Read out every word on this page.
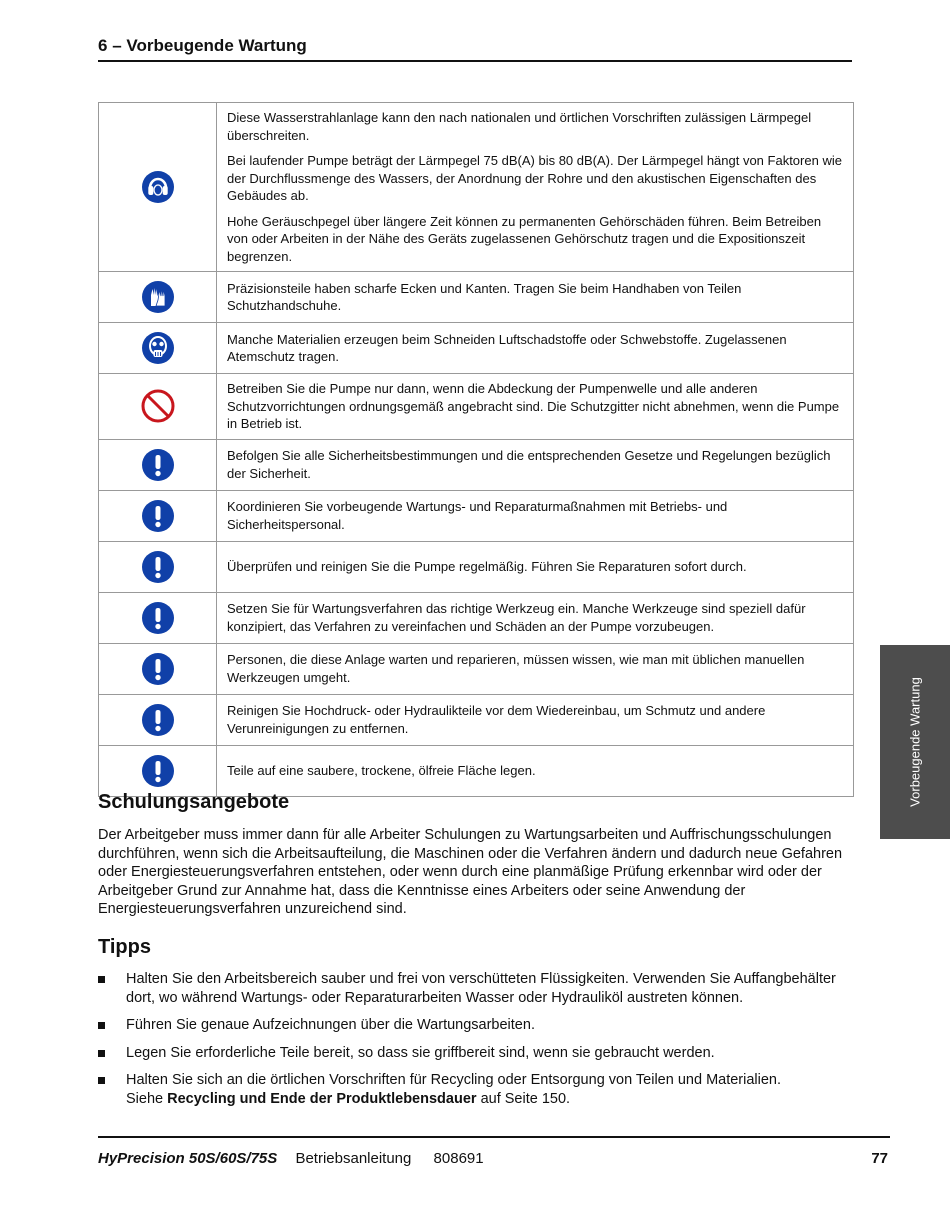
6 – Vorbeugende Wartung

Diese Wasserstrahlanlage kann den nach nationalen und örtlichen Vorschriften zulässigen Lärmpegel überschreiten.

Bei laufender Pumpe beträgt der Lärmpegel 75 dB(A) bis 80 dB(A). Der Lärmpegel hängt von Faktoren wie der Durchflussmenge des Wassers, der Anordnung der Rohre und den akustischen Eigenschaften des Gebäudes ab.

Hohe Geräuschpegel über längere Zeit können zu permanenten Gehörschäden führen. Beim Betreiben von oder Arbeiten in der Nähe des Geräts zugelassenen Gehörschutz tragen und die Expositionszeit begrenzen.

Präzisionsteile haben scharfe Ecken und Kanten. Tragen Sie beim Handhaben von Teilen Schutzhandschuhe.

Manche Materialien erzeugen beim Schneiden Luftschadstoffe oder Schwebstoffe. Zugelassenen Atemschutz tragen.

Betreiben Sie die Pumpe nur dann, wenn die Abdeckung der Pumpenwelle und alle anderen Schutzvorrichtungen ordnungsgemäß angebracht sind. Die Schutzgitter nicht abnehmen, wenn die Pumpe in Betrieb ist.

Befolgen Sie alle Sicherheitsbestimmungen und die entsprechenden Gesetze und Regelungen bezüglich der Sicherheit.

Koordinieren Sie vorbeugende Wartungs- und Reparaturmaßnahmen mit Betriebs- und Sicherheitspersonal.

Überprüfen und reinigen Sie die Pumpe regelmäßig. Führen Sie Reparaturen sofort durch.

Setzen Sie für Wartungsverfahren das richtige Werkzeug ein. Manche Werkzeuge sind speziell dafür konzipiert, das Verfahren zu vereinfachen und Schäden an der Pumpe vorzubeugen.

Personen, die diese Anlage warten und reparieren, müssen wissen, wie man mit üblichen manuellen Werkzeugen umgeht.

Reinigen Sie Hochdruck- oder Hydraulikteile vor dem Wiedereinbau, um Schmutz und andere Verunreinigungen zu entfernen.

Teile auf eine saubere, trockene, ölfreie Fläche legen.

Schulungsangebote

Der Arbeitgeber muss immer dann für alle Arbeiter Schulungen zu Wartungsarbeiten und Auffrischungsschulungen durchführen, wenn sich die Arbeitsaufteilung, die Maschinen oder die Verfahren ändern und dadurch neue Gefahren oder Energiesteuerungsverfahren entstehen, oder wenn durch eine planmäßige Prüfung erkennbar wird oder der Arbeitgeber Grund zur Annahme hat, dass die Kenntnisse eines Arbeiters oder seine Anwendung der Energiesteuerungsverfahren unzureichend sind.

Tipps
Halten Sie den Arbeitsbereich sauber und frei von verschütteten Flüssigkeiten. Verwenden Sie Auffangbehälter dort, wo während Wartungs- oder Reparaturarbeiten Wasser oder Hydrauliköl austreten können.
Führen Sie genaue Aufzeichnungen über die Wartungsarbeiten.
Legen Sie erforderliche Teile bereit, so dass sie griffbereit sind, wenn sie gebraucht werden.
Halten Sie sich an die örtlichen Vorschriften für Recycling oder Entsorgung von Teilen und Materialien.
Siehe Recycling und Ende der Produktlebensdauer auf Seite 150.
Vorbeugende Wartung
HyPrecision 50S/60S/75S Betriebsanleitung 808691	77
